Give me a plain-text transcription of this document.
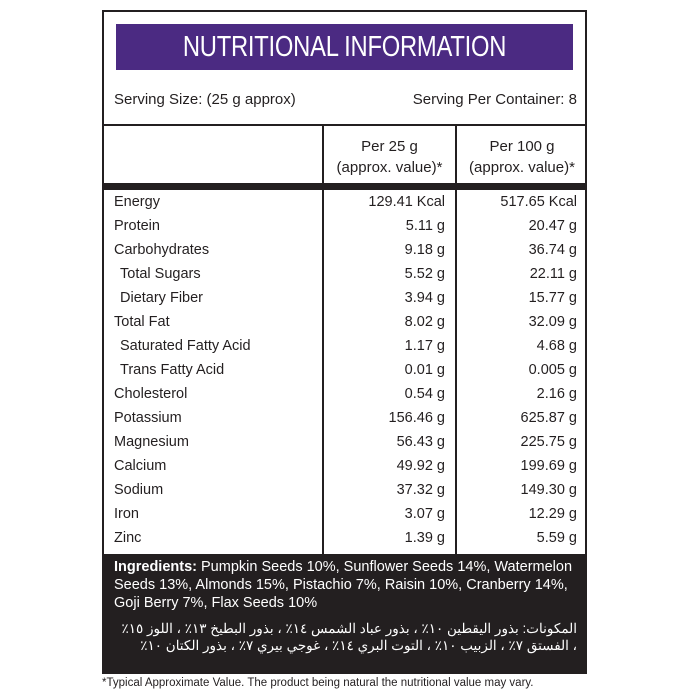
NUTRITIONAL INFORMATION
Serving Size: (25 g approx)	Serving Per Container: 8
Per 25 g
(approx. value)*
Per 100 g
(approx. value)*
Energy	129.41 Kcal	517.65 Kcal
Protein	5.11 g	20.47 g
Carbohydrates	9.18 g	36.74 g
Total Sugars	5.52 g	22.11 g
Dietary Fiber	3.94 g	15.77 g
Total Fat	8.02 g	32.09 g
Saturated Fatty Acid	1.17 g	4.68 g
Trans Fatty Acid	0.01 g	0.005 g
Cholesterol	0.54 g	2.16 g
Potassium	156.46 g	625.87 g
Magnesium	56.43 g	225.75 g
Calcium	49.92 g	199.69 g
Sodium	37.32 g	149.30 g
Iron	3.07 g	12.29 g
Zinc	1.39 g	5.59 g
Ingredients: Pumpkin Seeds 10%, Sunflower Seeds 14%, Watermelon Seeds 13%, Almonds 15%, Pistachio 7%, Raisin 10%, Cranberry 14%, Goji Berry 7%, Flax Seeds 10%
المكونات: بذور اليقطين ١٠٪ ، بذور عباد الشمس ١٤٪ ، بذور البطيخ ١٣٪ ، اللوز ١٥٪ ، الفستق ٧٪ ، الزبيب ١٠٪ ، التوت البري ١٤٪ ، غوجي بيري ٧٪ ، بذور الكتان ١٠٪
*Typical Approximate Value. The product being natural the nutritional value may vary.
